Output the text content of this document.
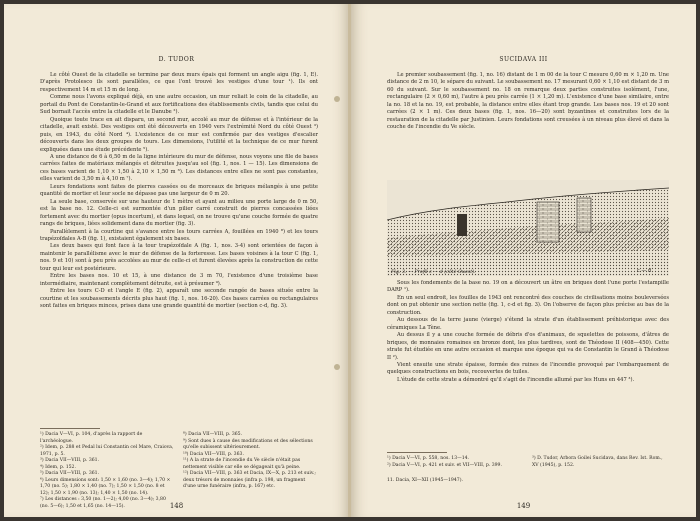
D. TUDOR

Le côté Ouest de la citadelle se termine par deux murs épais qui forment un angle aigu (fig. 1, E). D'après Protolesco ils sont parallèles, ce que l'ont trouvé les vestiges d'une tour ¹). Ils ont respectivement 14 m et 15 m de long.

Comme nous l'avons expliqué déjà, en une autre occasion, un mur reliait le coin de la citadelle, au portail du Pont de Constantin-le-Grand et aux fortifications des établissements civils, tandis que celui du Sud bornait l'accès entre la citadelle et le Danube ²).

Quoique toute trace en ait disparu, un second mur, accolé au mur de défense et à l'intérieur de la citadelle, avait existé. Des vestiges ont été découverts en 1940 vers l'extrémité Nord du côté Ouest ³) puis, en 1943, du côté Nord ⁴). L'existence de ce mur est confirmée par des vestiges d'escalier découverts dans les deux groupes de tours. Les dimensions, l'utilité et la technique de ce mur furent expliquées dans une étude précédente ⁵).

A une distance de 6 à 6,50 m de la ligne intérieure du mur de défense, nous voyons une file de bases carrées faites de matériaux mélangés et détruites jusqu'au sol (fig. 1, nos. 1 — 15). Les dimensions de ces bases varient de 1,10 × 1,50 à 2,10 × 1,50 m ⁶). Les distances entre elles ne sont pas constantes, elles varient de 3,50 m à 4,10 m ⁷).

Leurs fondations sont faites de pierres cassées ou de morceaux de briques mélangés à une petite quantité de mortier et leur socle ne dépasse pas une largeur de 0 m 20.

La seule base, conservée sur une hauteur de 1 mètre et ayant au milieu une porte large de 0 m 50, est la base no. 12. Celle-ci est surmontée d'un pilier carré construit de pierres concassées liées fortement avec du mortier (opus incertum), et dans lequel, on ne trouve qu'une couche formée de quatre rangs de briques, liées solidement dans du mortier (fig. 3).

Parallèlement à la courtine qui s'avance entre les tours carrées A, fouillées en 1940 ⁸) et les tours trapézoïdales A-B (fig. 1), existaient également six bases.

Les deux bases qui font face à la tour trapézoïdale A (fig. 1, nos. 3-4) sont orientées de façon à maintenir le parallélisme avec le mur de défense de la forteresse. Les bases voisines à la tour C (fig. 1, nos. 9 et 10) sont à peu près accolées au mur de celle-ci et furent élevées après la construction de cette tour qui leur est postérieure.

Entre les bases nos. 10 et 15, à une distance de 3 m 70, l'existence d'une troisième base intermédiaire, maintenant complètement détruite, est à présumer ⁹).

Entre les tours C-D et l'angle E (fig. 2), apparaît une seconde rangée de bases située entre la courtine et les soubassements décrits plus haut (fig. 1, nos. 16-20). Ces bases carrées ou rectangulaires sont faites en briques minces, prises dans une grande quantité de mortier (section c-d, fig. 3).

¹) Dacia V—VI, p. 104, d'après la rapport de l'archéologue.

²) Idem, p. 288 et Pedal lui Constantin cel Mare, Craiova, 1971, p. 5.

³) Dacia VII—VIII, p. 361.

⁴) Idem, p. 152.

⁵) Dacia VII—VIII, p. 361.

⁶) Leurs dimensions sont: 1,50 × 1,60 (no. 3—4); 1,70 × 1,70 (no. 5); 1,80 × 1,40 (no. 7); 1,50 × 1,50 (no. 8 et 12); 1,50 × 1,90 (no. 13); 1,40 × 1,50 (no. 14).

⁷) Les distances : 3,50 (no. 1—2); 4,00 (no. 3—4); 3,80 (no. 5—6); 1,50 et 1,65 (no. 14—15).

⁸) Dacia VII—VIII, p. 365.

⁹) Sont dues à cause des modifications et des sélections qu'elle subissent ultérieurement.

¹⁰) Dacia VII—VIII, p. 363.

¹¹) A la strate de l'incendie du Ve siècle n'était pas nettement visible car elle se dégageait qu'à peine.

¹²) Dacia VII—VIII, p. 363 et Dacia, IX—X, p. 213 et suiv.; deux trésors de monnaies (infra p. 198, un fragment d'une urne funéraire (infra, p. 167) etc.

148
SUCIDAVA III

Le premier soubassement (fig. 1, no. 16) distant de 1 m 00 de la tour C mesure 0,60 m × 1,20 m. Une distance de 2 m 10, le sépare du suivant. Le soubassement no. 17 mesurant 0,60 × 1,10 est distant de 3 m 60 du suivant. Sur le soubassement no. 18 on remarque deux parties construites isolément, l'une, rectangulaire (2 × 0,60 m), l'autre à peu près carrée (1 × 1,20 m). L'existence d'une base similaire, entre la no. 18 et la no. 19, est probable, la distance entre elles étant trop grande. Les bases nos. 19 et 20 sont carrées (2 × 1 m). Ces deux bases (fig. 1, nos. 16—20) sont byzantines et construites lors de la restauration de la citadelle par Justinien. Leurs fondations sont creusées à un niveau plus élevé et dans la couche de l'incendie du Ve siècle.

c — d
Fig. 3. — Profil c — d (côté Ouest).

Sous les fondements de la base no. 19 on a découvert un âtre en briques dont l'une porte l'estampille DARP ¹).

En un seul endroit, les fouilles de 1943 ont rencontré des couches de civilisations moins bouleversées dont on put obtenir une section nette (fig. 1, c-d et fig. 3). On l'observe de façon plus précise au bas de la construction.

Au dessous de la terre jaune (vierge) s'étend la strate d'un établissement préhistorique avec des céramiques La Tène.

Au dessus il y a une couche formée de débris d'os d'animaux, de squelettes de poissons, d'âtres de briques, de monnaies romaines en bronze dont, les plus tardives, sont de Théodose II (408—450). Cette strate fut étudiée en une autre occasion et marque une époque qui va de Constantin le Grand à Théodose II ²).

Vient ensuite une strate épaisse, formée des ruines de l'incendie provoqué par l'embarquement de quelques constructions en bois, recouvertes de tuiles.

L'étude de cette strate a démontré qu'il s'agit de l'incendie allumé par les Huns en 447 ³).

¹) Dacia V—VI, p. 558, nos. 13—14.

²) Dacia V—VI, p. 421 et suiv. et VII—VIII, p. 399.

³) D. Tudor, Arbora Goilei Sucidava, dans Rev. Ist. Rom., XV (1945), p. 152.

11. Dacia, XI—XII (1945—1947).
149
